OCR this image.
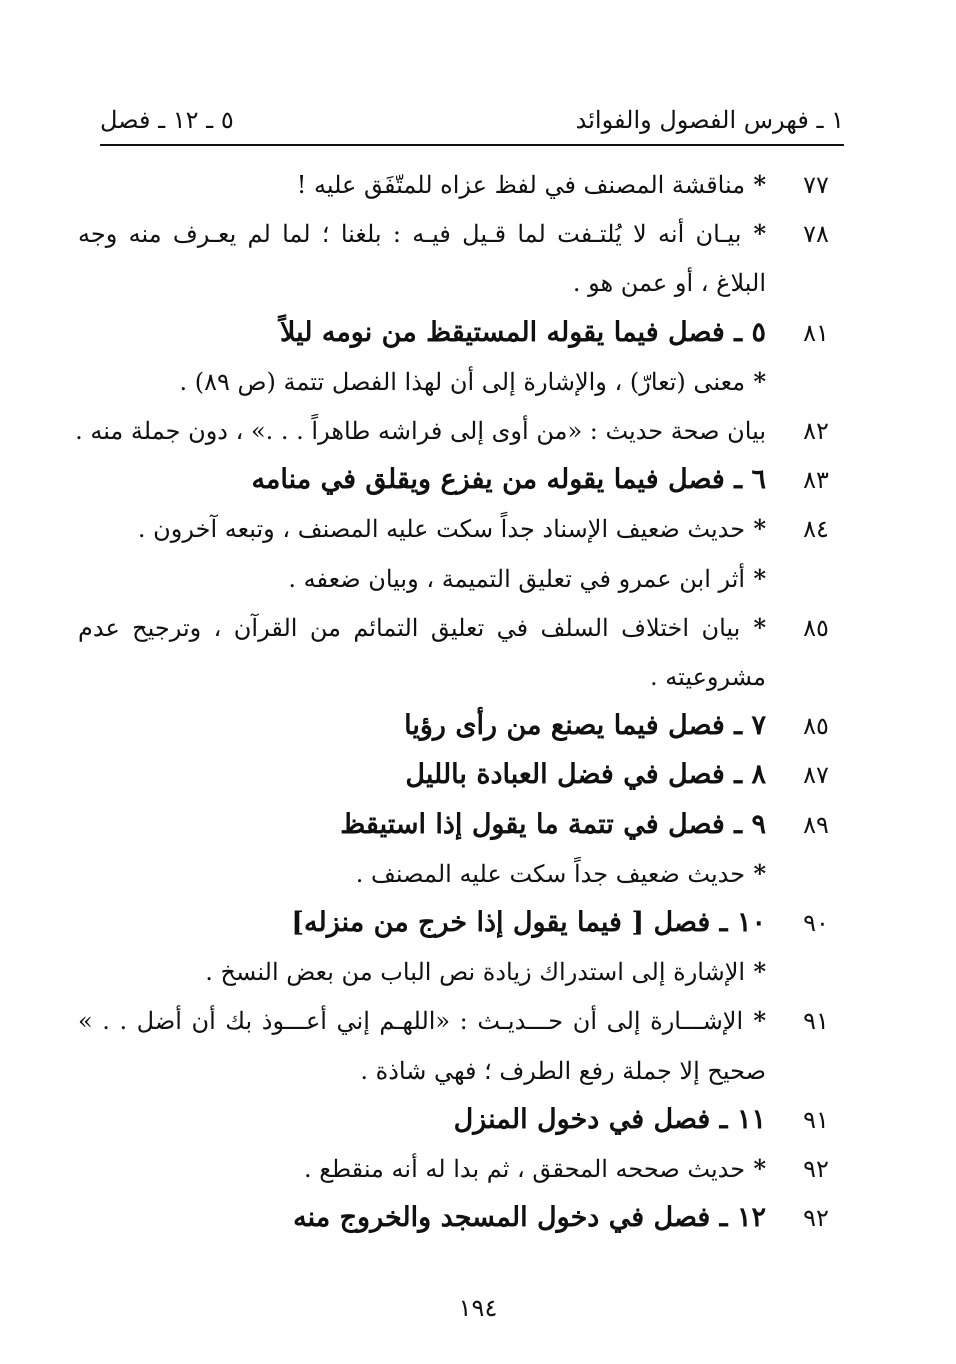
١ ـ فهرس الفصول والفوائد
٥ ـ ١٢ ـ فصل
٧٧
* مناقشة المصنف في لفظ عزاه للمتّفَق عليه !
٧٨
* بيـان أنه لا يُلتـفت لما قـيل فيـه : بلغنا ؛ لما لم يعـرف منه وجه
البلاغ ، أو عمن هو .
٨١
٥ ـ فصل فيما يقوله المستيقظ من نومه ليلاً
* معنى (تعارّ) ، والإشارة إلى أن لهذا الفصل تتمة (ص ٨٩) .
٨٢
بيان صحة حديث : «من أوى إلى فراشه طاهراً . . .» ، دون جملة منه .
٨٣
٦ ـ فصل فيما يقوله من يفزع ويقلق في منامه
٨٤
* حديث ضعيف الإسناد جداً سكت عليه المصنف ، وتبعه آخرون .
* أثر ابن عمرو في تعليق التميمة ، وبيان ضعفه .
٨٥
* بيان اختلاف السلف في تعليق التمائم من القرآن ، وترجيح عدم
مشروعيته .
٨٥
٧ ـ فصل فيما يصنع من رأى رؤيا
٨٧
٨ ـ فصل في فضل العبادة بالليل
٨٩
٩ ـ فصل في تتمة ما يقول إذا استيقظ
* حديث ضعيف جداً سكت عليه المصنف .
٩٠
١٠ ـ فصل [ فيما يقول إذا خرج من منزله]
* الإشارة إلى استدراك زيادة نص الباب من بعض النسخ .
٩١
* الإشـــارة إلى أن حـــديـث : «اللهـم إني أعـــوذ بك أن أضل . . »
صحيح إلا جملة رفع الطرف ؛ فهي شاذة .
٩١
١١ ـ فصل في دخول المنزل
٩٢
* حديث صححه المحقق ، ثم بدا له أنه منقطع .
٩٢
١٢ ـ فصل في دخول المسجد والخروج منه
١٩٤
